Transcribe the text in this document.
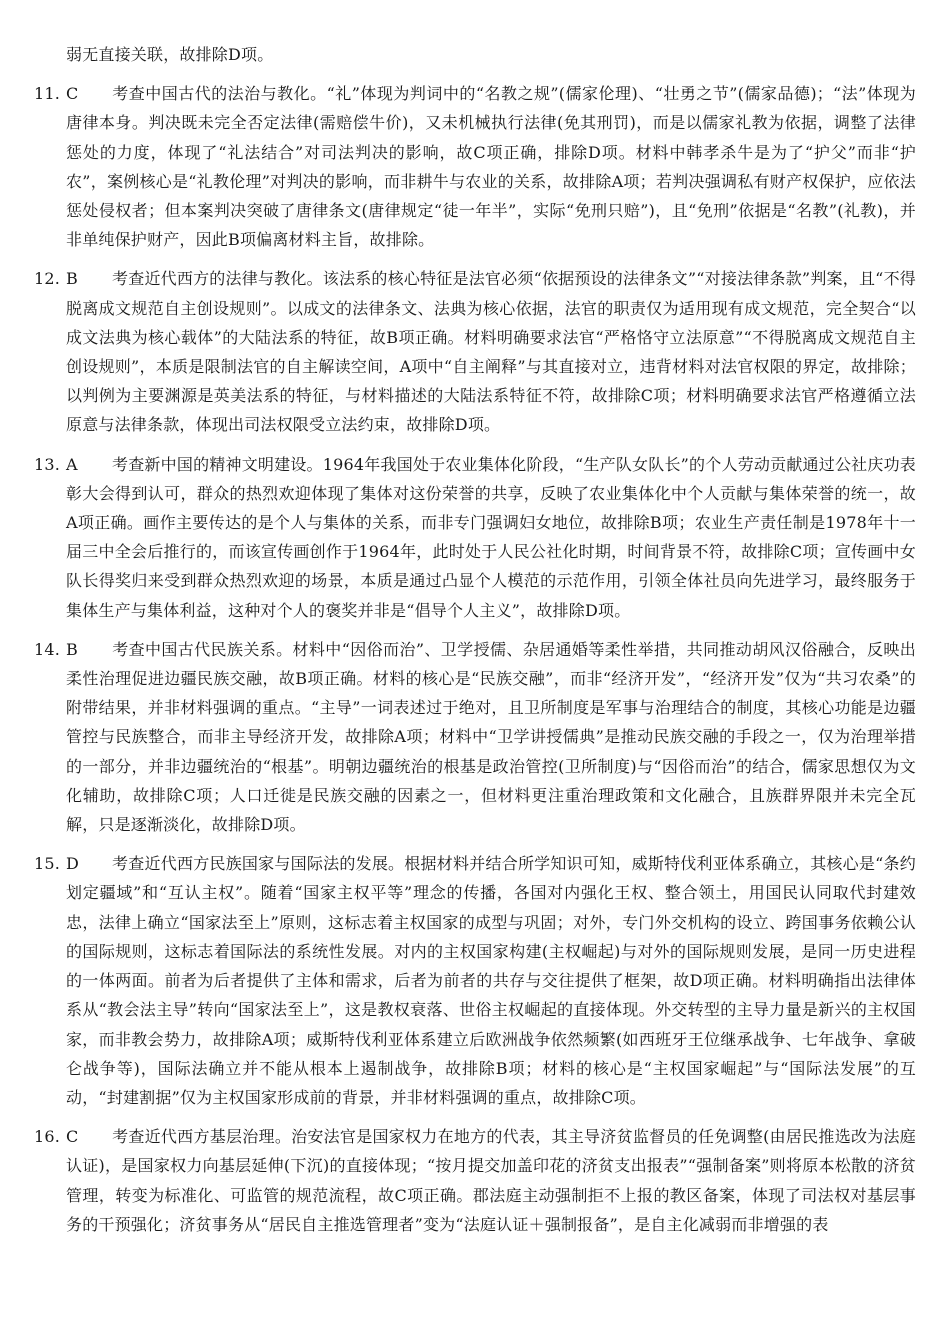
弱无直接关联，故排除D项。

11. C 考查中国古代的法治与教化。“礼”体现为判词中的“名教之规”(儒家伦理)、“壮勇之节”(儒家品德)；“法”体现为唐律本身。判决既未完全否定法律(需赔偿牛价)，又未机械执行法律(免其刑罚)，而是以儒家礼教为依据，调整了法律惩处的力度，体现了“礼法结合”对司法判决的影响，故C项正确，排除D项。材料中韩孝杀牛是为了“护父”而非“护农”，案例核心是“礼教伦理”对判决的影响，而非耕牛与农业的关系，故排除A项；若判决强调私有财产权保护，应依法惩处侵权者；但本案判决突破了唐律条文(唐律规定“徒一年半”，实际“免刑只赔”)，且“免刑”依据是“名教”(礼教)，并非单纯保护财产，因此B项偏离材料主旨，故排除。
12. B 考查近代西方的法律与教化。该法系的核心特征是法官必须“依据预设的法律条文”“对接法律条款”判案，且“不得脱离成文规范自主创设规则”。以成文的法律条文、法典为核心依据，法官的职责仅为适用现有成文规范，完全契合“以成文法典为核心载体”的大陆法系的特征，故B项正确。材料明确要求法官“严格恪守立法原意”“不得脱离成文规范自主创设规则”，本质是限制法官的自主解读空间，A项中“自主阐释”与其直接对立，违背材料对法官权限的界定，故排除；以判例为主要渊源是英美法系的特征，与材料描述的大陆法系特征不符，故排除C项；材料明确要求法官严格遵循立法原意与法律条款，体现出司法权限受立法约束，故排除D项。
13. A 考查新中国的精神文明建设。1964年我国处于农业集体化阶段，“生产队女队长”的个人劳动贡献通过公社庆功表彰大会得到认可，群众的热烈欢迎体现了集体对这份荣誉的共享，反映了农业集体化中个人贡献与集体荣誉的统一，故A项正确。画作主要传达的是个人与集体的关系，而非专门强调妇女地位，故排除B项；农业生产责任制是1978年十一届三中全会后推行的，而该宣传画创作于1964年，此时处于人民公社化时期，时间背景不符，故排除C项；宣传画中女队长得奖归来受到群众热烈欢迎的场景，本质是通过凸显个人模范的示范作用，引领全体社员向先进学习，最终服务于集体生产与集体利益，这种对个人的褒奖并非是“倡导个人主义”，故排除D项。
14. B 考查中国古代民族关系。材料中“因俗而治”、卫学授儒、杂居通婚等柔性举措，共同推动胡风汉俗融合，反映出柔性治理促进边疆民族交融，故B项正确。材料的核心是“民族交融”，而非“经济开发”，“经济开发”仅为“共习农桑”的附带结果，并非材料强调的重点。“主导”一词表述过于绝对，且卫所制度是军事与治理结合的制度，其核心功能是边疆管控与民族整合，而非主导经济开发，故排除A项；材料中“卫学讲授儒典”是推动民族交融的手段之一，仅为治理举措的一部分，并非边疆统治的“根基”。明朝边疆统治的根基是政治管控(卫所制度)与“因俗而治”的结合，儒家思想仅为文化辅助，故排除C项；人口迁徙是民族交融的因素之一，但材料更注重治理政策和文化融合，且族群界限并未完全瓦解，只是逐渐淡化，故排除D项。
15. D 考查近代西方民族国家与国际法的发展。根据材料并结合所学知识可知，威斯特伐利亚体系确立，其核心是“条约划定疆域”和“互认主权”。随着“国家主权平等”理念的传播，各国对内强化王权、整合领土，用国民认同取代封建效忠，法律上确立“国家法至上”原则，这标志着主权国家的成型与巩固；对外，专门外交机构的设立、跨国事务依赖公认的国际规则，这标志着国际法的系统性发展。对内的主权国家构建(主权崛起)与对外的国际规则发展，是同一历史进程的一体两面。前者为后者提供了主体和需求，后者为前者的共存与交往提供了框架，故D项正确。材料明确指出法律体系从“教会法主导”转向“国家法至上”，这是教权衰落、世俗主权崛起的直接体现。外交转型的主导力量是新兴的主权国家，而非教会势力，故排除A项；威斯特伐利亚体系建立后欧洲战争依然频繁(如西班牙王位继承战争、七年战争、拿破仑战争等)，国际法确立并不能从根本上遏制战争，故排除B项；材料的核心是“主权国家崛起”与“国际法发展”的互动，“封建割据”仅为主权国家形成前的背景，并非材料强调的重点，故排除C项。
16. C 考查近代西方基层治理。治安法官是国家权力在地方的代表，其主导济贫监督员的任免调整(由居民推选改为法庭认证)，是国家权力向基层延伸(下沉)的直接体现；“按月提交加盖印花的济贫支出报表”“强制备案”则将原本松散的济贫管理，转变为标准化、可监管的规范流程，故C项正确。郡法庭主动强制拒不上报的教区备案，体现了司法权对基层事务的干预强化；济贫事务从“居民自主推选管理者”变为“法庭认证＋强制报备”，是自主化减弱而非增强的表
